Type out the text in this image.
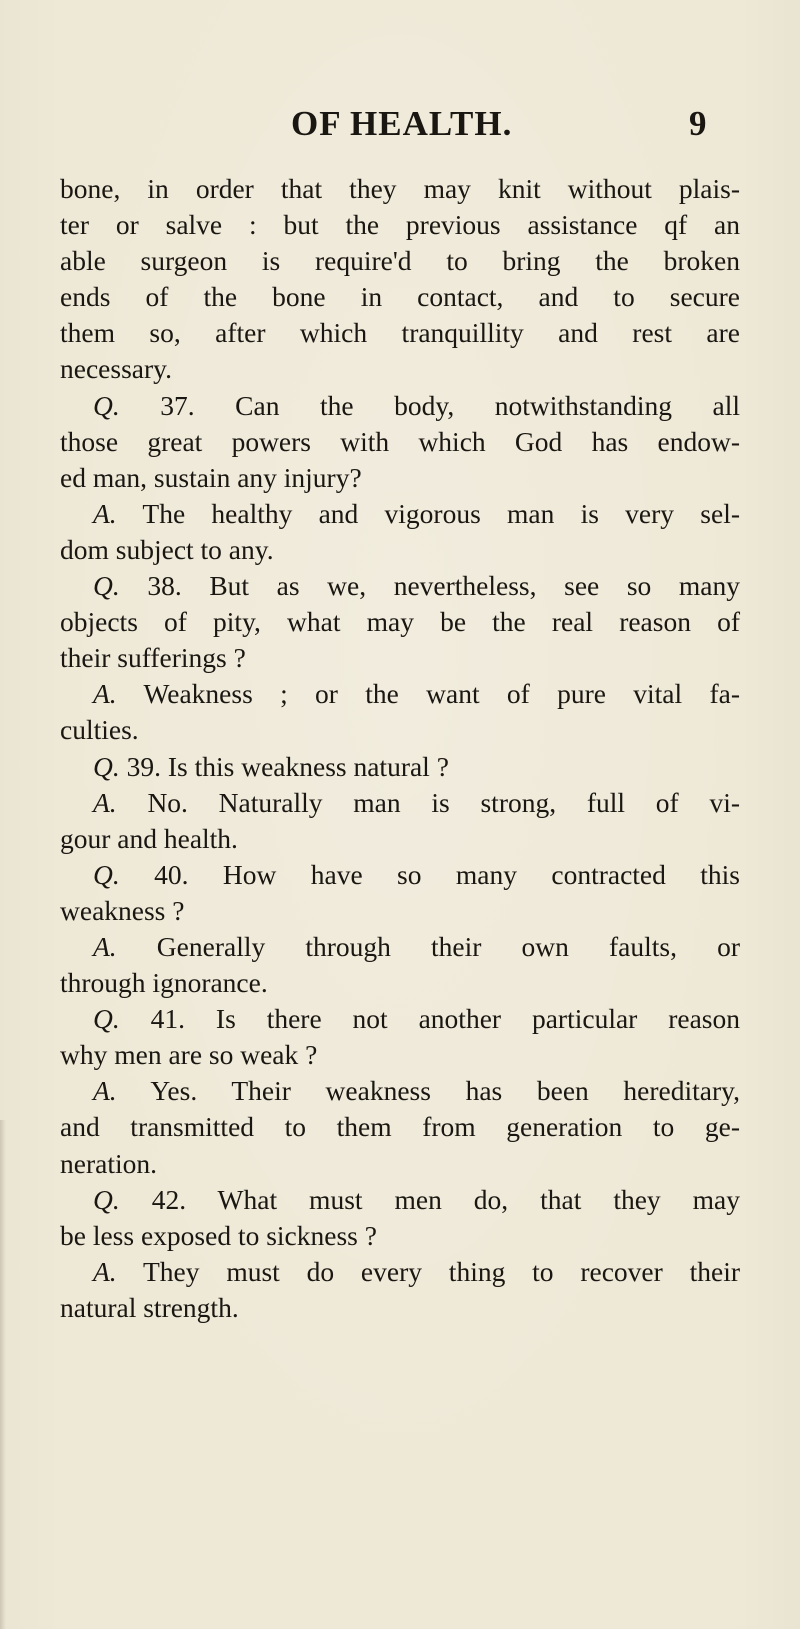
OF HEALTH.	9
bone, in order that they may knit without plais-
ter or salve : but the previous assistance qf an
able surgeon is requirе'd to bring the broken
ends of the bone in contact, and to secure
them so, after which tranquillity and rest are
necessary.
Q. 37. Can the body, notwithstanding all
those great powers with which God has endow-
ed man, sustain any injury?
A. The healthy and vigorous man is very sel-
dom subject to any.
Q. 38. But as we, nevertheless, see so many
objects of pity, what may be the real reason of
their sufferings ?
A. Weakness ; or the want of pure vital fa-
culties.
Q. 39. Is this weakness natural ?
A. No. Naturally man is strong, full of vi-
gour and health.
Q. 40. How have so many contracted this
weakness ?
A. Generally through their own faults, or
through ignorance.
Q. 41. Is there not another particular reason
why men are so weak ?
A. Yes. Their weakness has been hereditary,
and transmitted to them from generation to ge-
neration.
Q. 42. What must men do, that they may
be less exposed to sickness ?
A. They must do every thing to recover their
natural strength.
